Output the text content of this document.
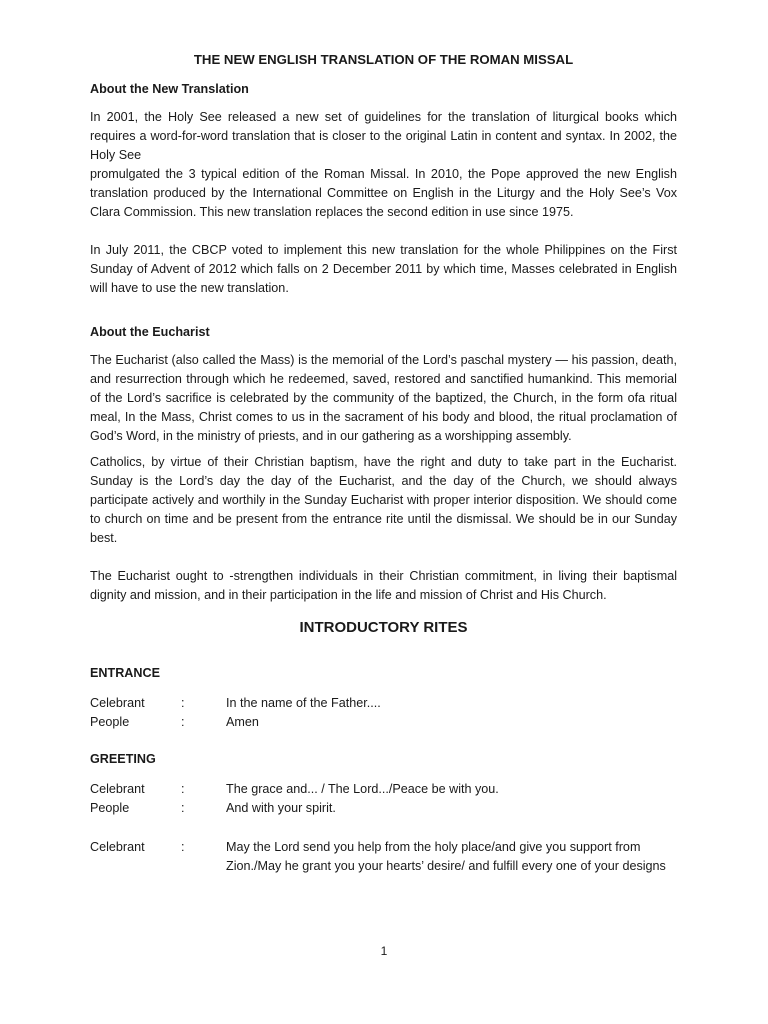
THE NEW ENGLISH TRANSLATION OF THE ROMAN MISSAL
About the New Translation
In 2001, the Holy See released a new set of guidelines for the translation of liturgical books which requires a word-for-word translation that is closer to the original Latin in content and syntax. In 2002, the Holy See
promulgated the 3 typical edition of the Roman Missal. In 2010, the Pope approved the new English translation produced by the International Committee on English in the Liturgy and the Holy See’s Vox Clara Commission. This new translation replaces the second edition in use since 1975.
In July 2011, the CBCP voted to implement this new translation for the whole Philippines on the First Sunday of Advent of 2012 which falls on 2 December 2011 by which time, Masses celebrated in English will have to use the new translation.
About the Eucharist
The Eucharist (also called the Mass) is the memorial of the Lord’s paschal mystery — his passion, death, and resurrection through which he redeemed, saved, restored and sanctified humankind. This memorial of the Lord’s sacrifice is celebrated by the community of the baptized, the Church, in the form ofa ritual meal, In the Mass, Christ comes to us in the sacrament of his body and blood, the ritual proclamation of God’s Word, in the ministry of priests, and in our gathering as a worshipping assembly.
Catholics, by virtue of their Christian baptism, have the right and duty to take part in the Eucharist. Sunday is the Lord’s day the day of the Eucharist, and the day of the Church, we should always participate actively and worthily in the Sunday Eucharist with proper interior disposition. We should come to church on time and be present from the entrance rite until the dismissal. We should be in our Sunday best.
The Eucharist ought to -strengthen individuals in their Christian commitment, in living their baptismal dignity and mission, and in their participation in the life and mission of Christ and His Church.
INTRODUCTORY RITES
ENTRANCE
Celebrant	:	In the name of the Father....
People	:	Amen
GREETING
Celebrant	:	The grace and... / The Lord.../Peace be with you.
People	:	And with your spirit.
Celebrant	:	May the Lord send you help from the holy place/and give you support from Zion./May he grant you your hearts’ desire/ and fulfill every one of your designs
1
